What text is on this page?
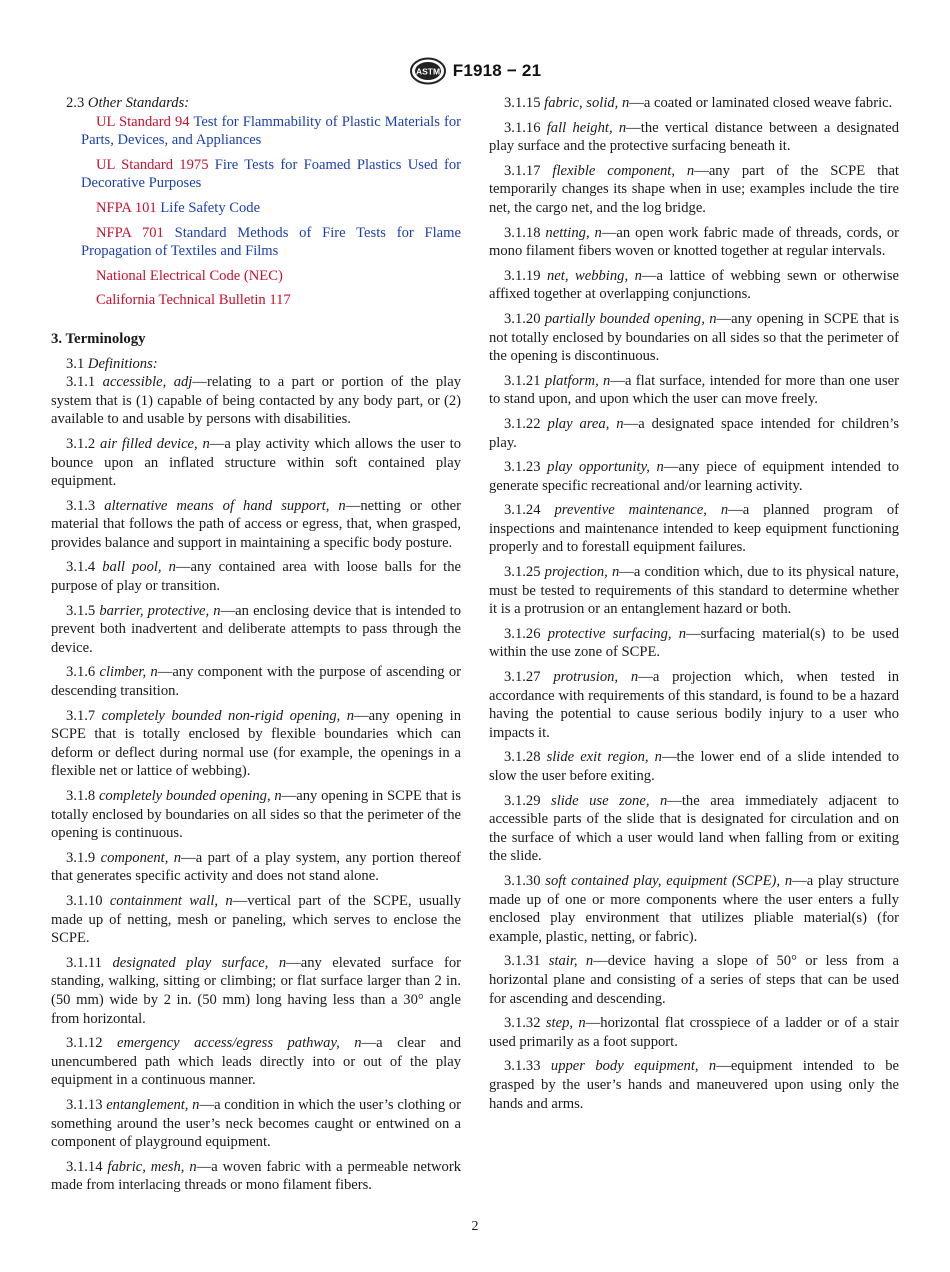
ASTM F1918 − 21
2.3 Other Standards:

UL Standard 94 Test for Flammability of Plastic Materials for Parts, Devices, and Appliances

UL Standard 1975 Fire Tests for Foamed Plastics Used for Decorative Purposes

NFPA 101 Life Safety Code

NFPA 701 Standard Methods of Fire Tests for Flame Propagation of Textiles and Films

National Electrical Code (NEC)

California Technical Bulletin 117

3. Terminology
3.1 Definitions:

3.1.1 accessible, adj—relating to a part or portion of the play system that is (1) capable of being contacted by any body part, or (2) available to and usable by persons with disabilities.

3.1.2 air filled device, n—a play activity which allows the user to bounce upon an inflated structure within soft contained play equipment.

3.1.3 alternative means of hand support, n—netting or other material that follows the path of access or egress, that, when grasped, provides balance and support in maintaining a specific body posture.

3.1.4 ball pool, n—any contained area with loose balls for the purpose of play or transition.

3.1.5 barrier, protective, n—an enclosing device that is intended to prevent both inadvertent and deliberate attempts to pass through the device.

3.1.6 climber, n—any component with the purpose of ascending or descending transition.

3.1.7 completely bounded non-rigid opening, n—any opening in SCPE that is totally enclosed by flexible boundaries which can deform or deflect during normal use (for example, the openings in a flexible net or lattice of webbing).

3.1.8 completely bounded opening, n—any opening in SCPE that is totally enclosed by boundaries on all sides so that the perimeter of the opening is continuous.

3.1.9 component, n—a part of a play system, any portion thereof that generates specific activity and does not stand alone.

3.1.10 containment wall, n—vertical part of the SCPE, usually made up of netting, mesh or paneling, which serves to enclose the SCPE.

3.1.11 designated play surface, n—any elevated surface for standing, walking, sitting or climbing; or flat surface larger than 2 in. (50 mm) wide by 2 in. (50 mm) long having less than a 30° angle from horizontal.

3.1.12 emergency access/egress pathway, n—a clear and unencumbered path which leads directly into or out of the play equipment in a continuous manner.

3.1.13 entanglement, n—a condition in which the user’s clothing or something around the user’s neck becomes caught or entwined on a component of playground equipment.

3.1.14 fabric, mesh, n—a woven fabric with a permeable network made from interlacing threads or mono filament fibers.

3.1.15 fabric, solid, n—a coated or laminated closed weave fabric.

3.1.16 fall height, n—the vertical distance between a designated play surface and the protective surfacing beneath it.

3.1.17 flexible component, n—any part of the SCPE that temporarily changes its shape when in use; examples include the tire net, the cargo net, and the log bridge.

3.1.18 netting, n—an open work fabric made of threads, cords, or mono filament fibers woven or knotted together at regular intervals.

3.1.19 net, webbing, n—a lattice of webbing sewn or otherwise affixed together at overlapping conjunctions.

3.1.20 partially bounded opening, n—any opening in SCPE that is not totally enclosed by boundaries on all sides so that the perimeter of the opening is discontinuous.

3.1.21 platform, n—a flat surface, intended for more than one user to stand upon, and upon which the user can move freely.

3.1.22 play area, n—a designated space intended for children’s play.

3.1.23 play opportunity, n—any piece of equipment intended to generate specific recreational and/or learning activity.

3.1.24 preventive maintenance, n—a planned program of inspections and maintenance intended to keep equipment functioning properly and to forestall equipment failures.

3.1.25 projection, n—a condition which, due to its physical nature, must be tested to requirements of this standard to determine whether it is a protrusion or an entanglement hazard or both.

3.1.26 protective surfacing, n—surfacing material(s) to be used within the use zone of SCPE.

3.1.27 protrusion, n—a projection which, when tested in accordance with requirements of this standard, is found to be a hazard having the potential to cause serious bodily injury to a user who impacts it.

3.1.28 slide exit region, n—the lower end of a slide intended to slow the user before exiting.

3.1.29 slide use zone, n—the area immediately adjacent to accessible parts of the slide that is designated for circulation and on the surface of which a user would land when falling from or exiting the slide.

3.1.30 soft contained play, equipment (SCPE), n—a play structure made up of one or more components where the user enters a fully enclosed play environment that utilizes pliable material(s) (for example, plastic, netting, or fabric).

3.1.31 stair, n—device having a slope of 50° or less from a horizontal plane and consisting of a series of steps that can be used for ascending and descending.

3.1.32 step, n—horizontal flat crosspiece of a ladder or of a stair used primarily as a foot support.

3.1.33 upper body equipment, n—equipment intended to be grasped by the user’s hands and maneuvered upon using only the hands and arms.

2
